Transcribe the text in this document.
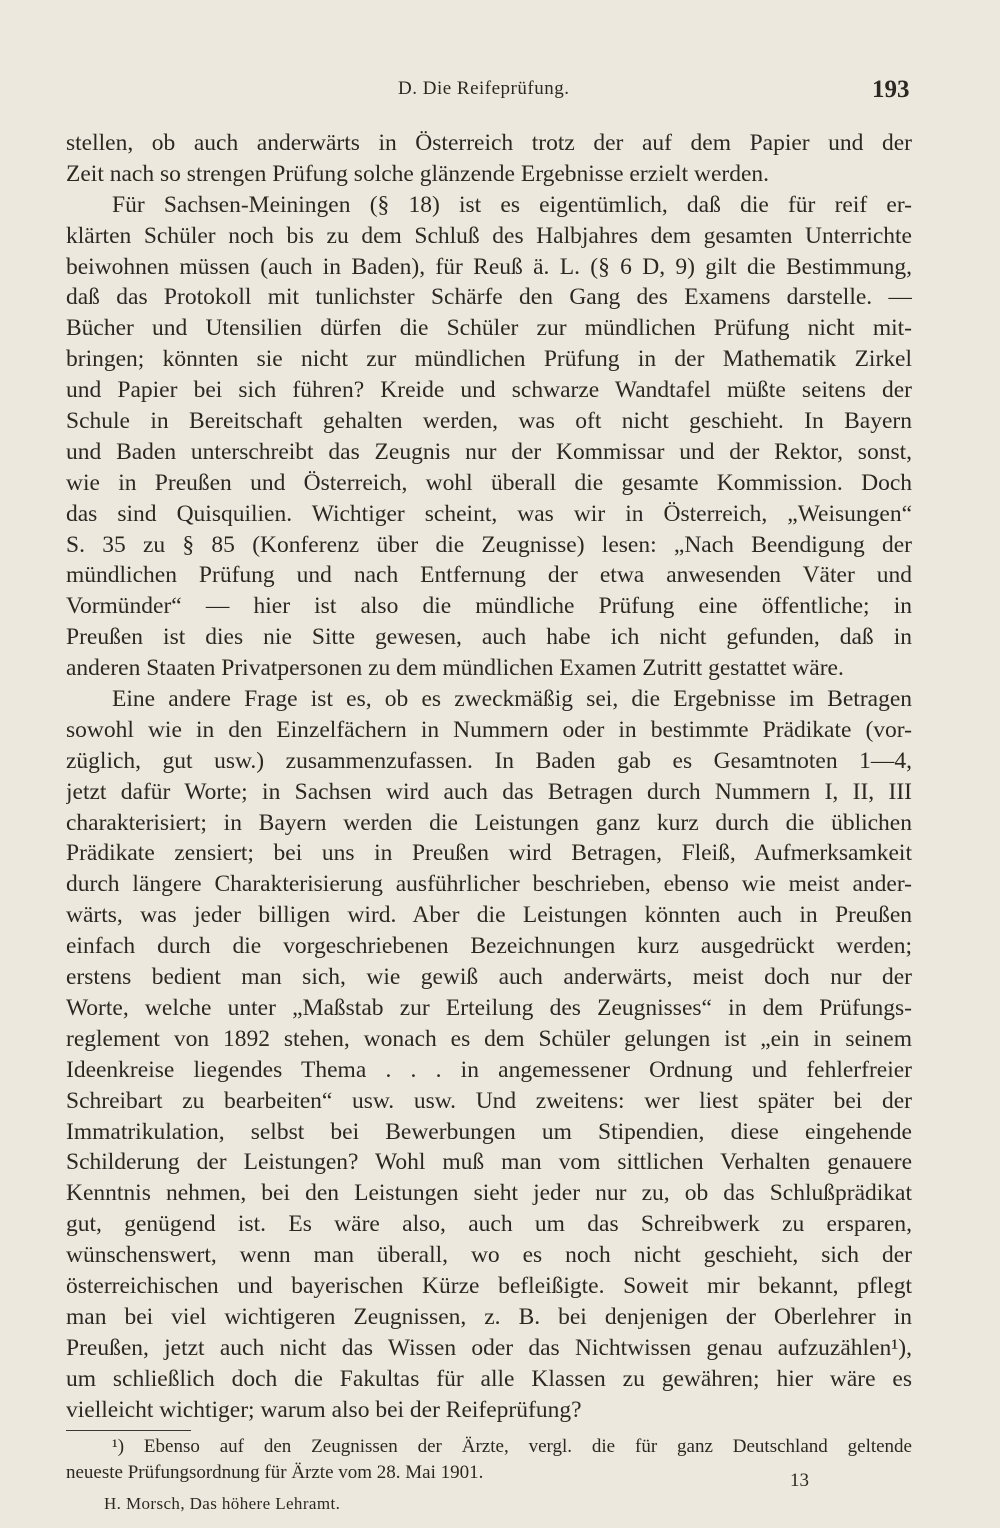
D. Die Reifeprüfung.	193
stellen, ob auch anderwärts in Österreich trotz der auf dem Papier und der
Zeit nach so strengen Prüfung solche glänzende Ergebnisse erzielt werden.
Für Sachsen-Meiningen (§ 18) ist es eigentümlich, daß die für reif er-
klärten Schüler noch bis zu dem Schluß des Halbjahres dem gesamten Unterrichte
beiwohnen müssen (auch in Baden), für Reuß ä. L. (§ 6 D, 9) gilt die Bestimmung,
daß das Protokoll mit tunlichster Schärfe den Gang des Examens darstelle. —
Bücher und Utensilien dürfen die Schüler zur mündlichen Prüfung nicht mit-
bringen; könnten sie nicht zur mündlichen Prüfung in der Mathematik Zirkel
und Papier bei sich führen? Kreide und schwarze Wandtafel müßte seitens der
Schule in Bereitschaft gehalten werden, was oft nicht geschieht. In Bayern
und Baden unterschreibt das Zeugnis nur der Kommissar und der Rektor, sonst,
wie in Preußen und Österreich, wohl überall die gesamte Kommission. Doch
das sind Quisquilien. Wichtiger scheint, was wir in Österreich, „Weisungen“
S. 35 zu § 85 (Konferenz über die Zeugnisse) lesen: „Nach Beendigung der
mündlichen Prüfung und nach Entfernung der etwa anwesenden Väter und
Vormünder“ — hier ist also die mündliche Prüfung eine öffentliche; in
Preußen ist dies nie Sitte gewesen, auch habe ich nicht gefunden, daß in
anderen Staaten Privatpersonen zu dem mündlichen Examen Zutritt gestattet wäre.
Eine andere Frage ist es, ob es zweckmäßig sei, die Ergebnisse im Betragen
sowohl wie in den Einzelfächern in Nummern oder in bestimmte Prädikate (vor-
züglich, gut usw.) zusammenzufassen. In Baden gab es Gesamtnoten 1—4,
jetzt dafür Worte; in Sachsen wird auch das Betragen durch Nummern I, II, III
charakterisiert; in Bayern werden die Leistungen ganz kurz durch die üblichen
Prädikate zensiert; bei uns in Preußen wird Betragen, Fleiß, Aufmerksamkeit
durch längere Charakterisierung ausführlicher beschrieben, ebenso wie meist ander-
wärts, was jeder billigen wird. Aber die Leistungen könnten auch in Preußen
einfach durch die vorgeschriebenen Bezeichnungen kurz ausgedrückt werden;
erstens bedient man sich, wie gewiß auch anderwärts, meist doch nur der
Worte, welche unter „Maßstab zur Erteilung des Zeugnisses“ in dem Prüfungs-
reglement von 1892 stehen, wonach es dem Schüler gelungen ist „ein in seinem
Ideenkreise liegendes Thema . . . in angemessener Ordnung und fehlerfreier
Schreibart zu bearbeiten“ usw. usw. Und zweitens: wer liest später bei der
Immatrikulation, selbst bei Bewerbungen um Stipendien, diese eingehende
Schilderung der Leistungen? Wohl muß man vom sittlichen Verhalten genauere
Kenntnis nehmen, bei den Leistungen sieht jeder nur zu, ob das Schlußprädikat
gut, genügend ist. Es wäre also, auch um das Schreibwerk zu ersparen,
wünschenswert, wenn man überall, wo es noch nicht geschieht, sich der
österreichischen und bayerischen Kürze befleißigte. Soweit mir bekannt, pflegt
man bei viel wichtigeren Zeugnissen, z. B. bei denjenigen der Oberlehrer in
Preußen, jetzt auch nicht das Wissen oder das Nichtwissen genau aufzuzählen¹),
um schließlich doch die Fakultas für alle Klassen zu gewähren; hier wäre es
vielleicht wichtiger; warum also bei der Reifeprüfung?
¹) Ebenso auf den Zeugnissen der Ärzte, vergl. die für ganz Deutschland geltende
neueste Prüfungsordnung für Ärzte vom 28. Mai 1901.	13
H. Morsch, Das höhere Lehramt.
